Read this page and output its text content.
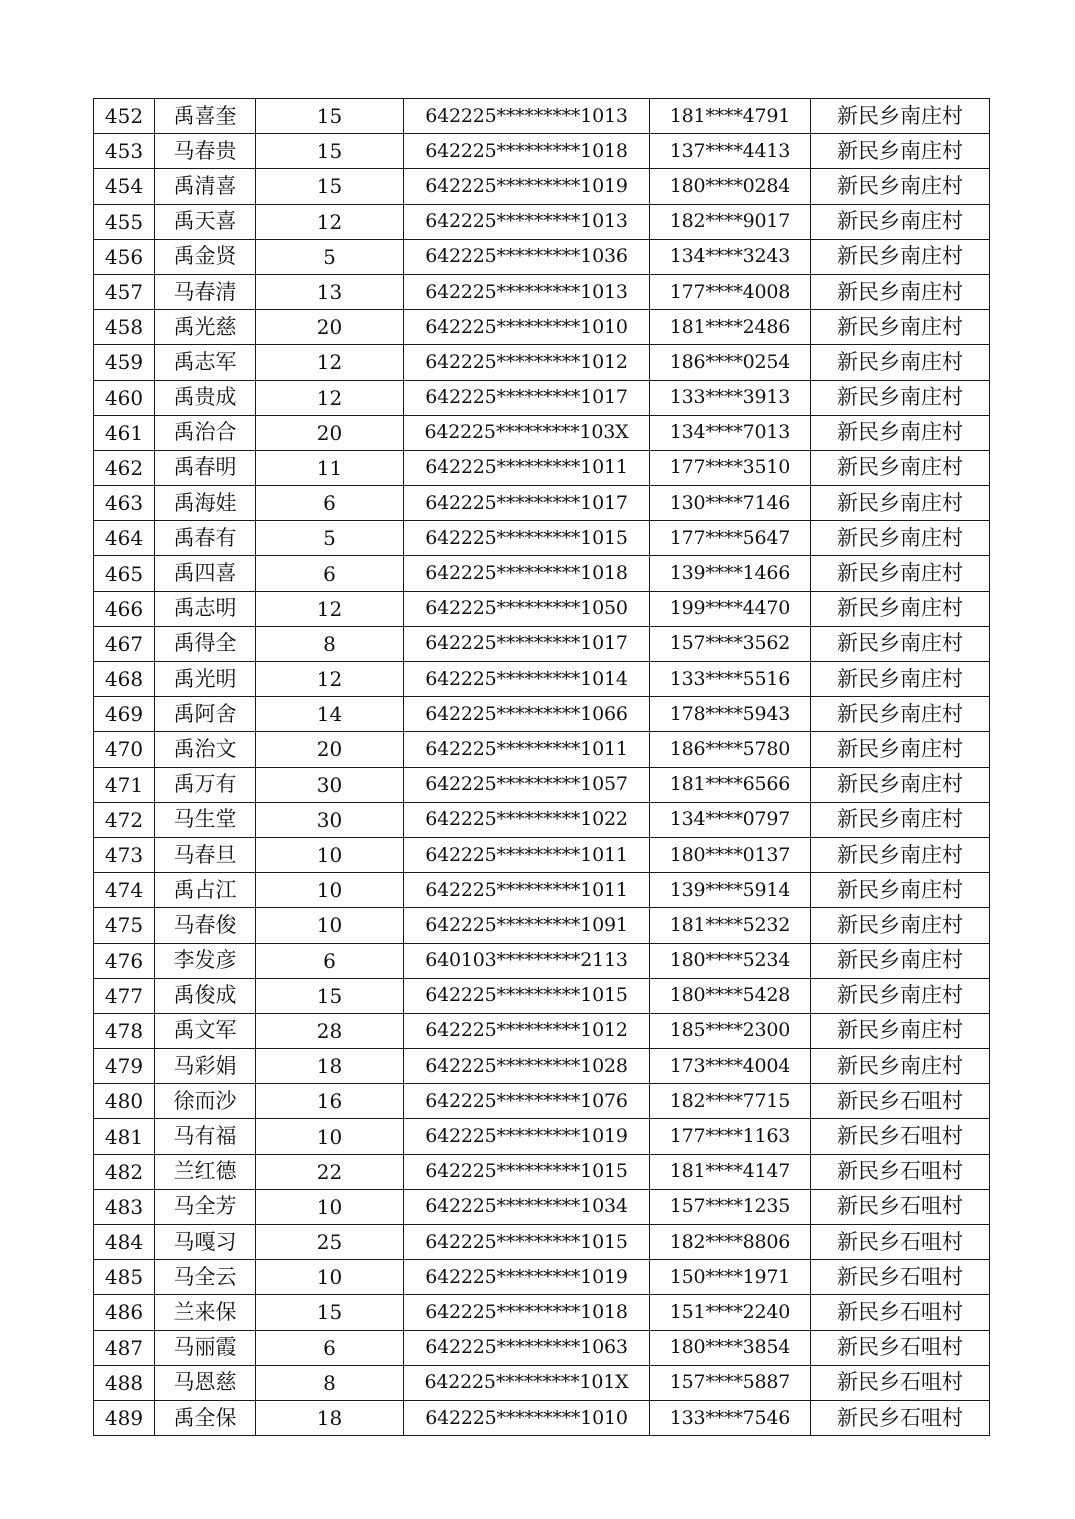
452	禹喜奎	15	642225*********1013	181****4791	新民乡南庄村
453	马春贵	15	642225*********1018	137****4413	新民乡南庄村
454	禹清喜	15	642225*********1019	180****0284	新民乡南庄村
455	禹天喜	12	642225*********1013	182****9017	新民乡南庄村
456	禹金贤	5	642225*********1036	134****3243	新民乡南庄村
457	马春清	13	642225*********1013	177****4008	新民乡南庄村
458	禹光慈	20	642225*********1010	181****2486	新民乡南庄村
459	禹志军	12	642225*********1012	186****0254	新民乡南庄村
460	禹贵成	12	642225*********1017	133****3913	新民乡南庄村
461	禹治合	20	642225*********103X	134****7013	新民乡南庄村
462	禹春明	11	642225*********1011	177****3510	新民乡南庄村
463	禹海娃	6	642225*********1017	130****7146	新民乡南庄村
464	禹春有	5	642225*********1015	177****5647	新民乡南庄村
465	禹四喜	6	642225*********1018	139****1466	新民乡南庄村
466	禹志明	12	642225*********1050	199****4470	新民乡南庄村
467	禹得全	8	642225*********1017	157****3562	新民乡南庄村
468	禹光明	12	642225*********1014	133****5516	新民乡南庄村
469	禹阿舍	14	642225*********1066	178****5943	新民乡南庄村
470	禹治文	20	642225*********1011	186****5780	新民乡南庄村
471	禹万有	30	642225*********1057	181****6566	新民乡南庄村
472	马生堂	30	642225*********1022	134****0797	新民乡南庄村
473	马春旦	10	642225*********1011	180****0137	新民乡南庄村
474	禹占江	10	642225*********1011	139****5914	新民乡南庄村
475	马春俊	10	642225*********1091	181****5232	新民乡南庄村
476	李发彦	6	640103*********2113	180****5234	新民乡南庄村
477	禹俊成	15	642225*********1015	180****5428	新民乡南庄村
478	禹文军	28	642225*********1012	185****2300	新民乡南庄村
479	马彩娟	18	642225*********1028	173****4004	新民乡南庄村
480	徐而沙	16	642225*********1076	182****7715	新民乡石咀村
481	马有福	10	642225*********1019	177****1163	新民乡石咀村
482	兰红德	22	642225*********1015	181****4147	新民乡石咀村
483	马全芳	10	642225*********1034	157****1235	新民乡石咀村
484	马嘎习	25	642225*********1015	182****8806	新民乡石咀村
485	马全云	10	642225*********1019	150****1971	新民乡石咀村
486	兰来保	15	642225*********1018	151****2240	新民乡石咀村
487	马丽霞	6	642225*********1063	180****3854	新民乡石咀村
488	马恩慈	8	642225*********101X	157****5887	新民乡石咀村
489	禹全保	18	642225*********1010	133****7546	新民乡石咀村
